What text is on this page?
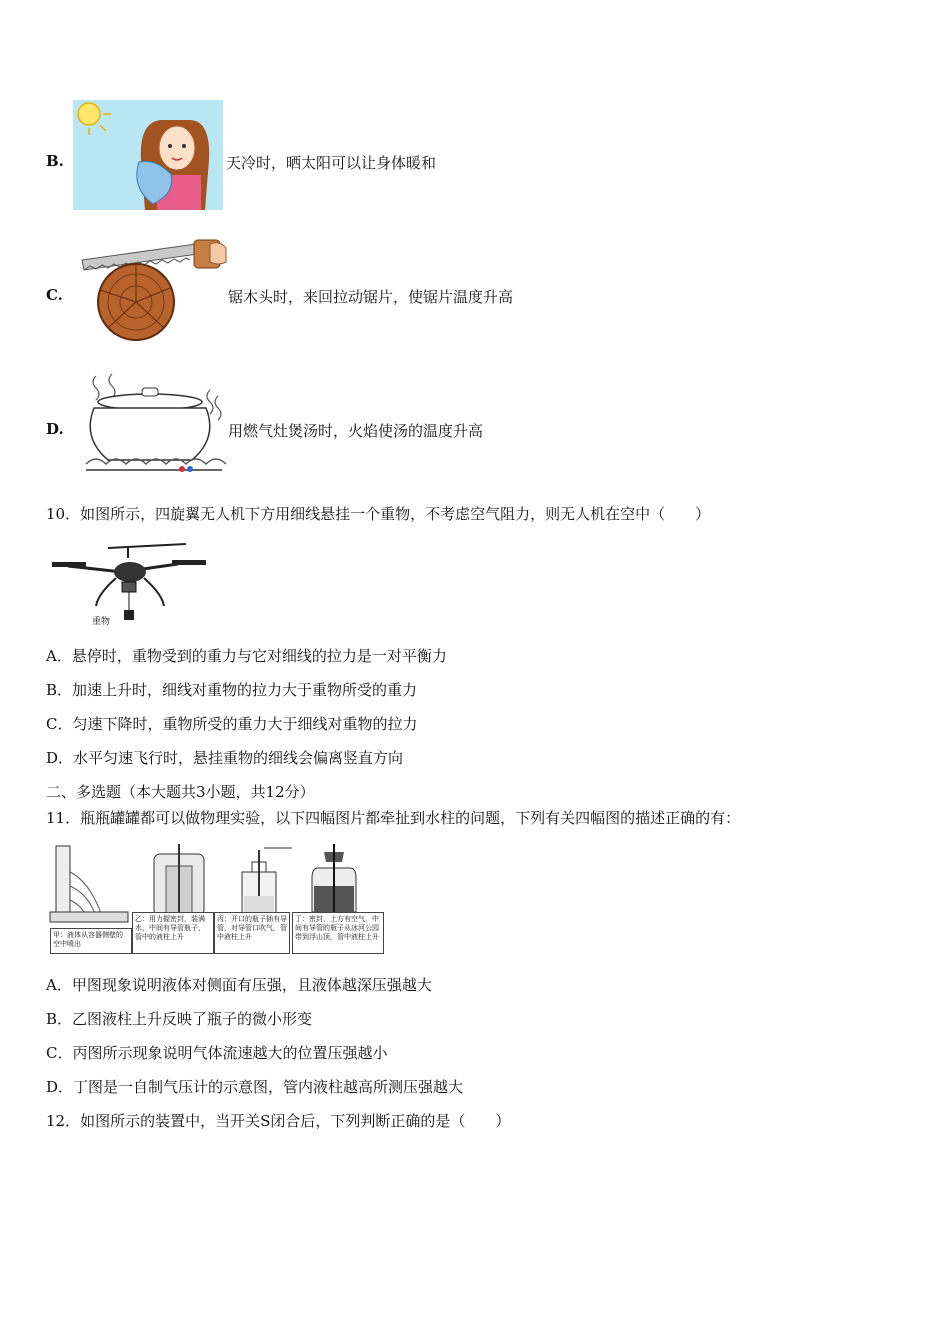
B.	天冷时，晒太阳可以让身体暖和
C.	锯木头时，来回拉动锯片，使锯片温度升高
D.	用燃气灶煲汤时，火焰使汤的温度升高
10．如图所示，四旋翼无人机下方用细线悬挂一个重物，不考虑空气阻力，则无人机在空中（　　）
重物
A．悬停时，重物受到的重力与它对细线的拉力是一对平衡力
B．加速上升时，细线对重物的拉力大于重物所受的重力
C．匀速下降时，重物所受的重力大于细线对重物的拉力
D．水平匀速飞行时，悬挂重物的细线会偏离竖直方向
二、多选题（本大题共3小题，共12分）
11．瓶瓶罐罐都可以做物理实验，以下四幅图片都牵扯到水柱的问题，下列有关四幅图的描述正确的有：
甲：液体从容器侧壁的空中喷出
乙：用力握密封，装满水，中间有导管瓶子，管中的液柱上升
丙：开口的瓶子插有导管，对导管口吹气，管中液柱上升
丁：密封，上方有空气，中间有导管的瓶子从冰河公园带到浮山顶，管中液柱上升
A．甲图现象说明液体对侧面有压强，且液体越深压强越大
B．乙图液柱上升反映了瓶子的微小形变
C．丙图所示现象说明气体流速越大的位置压强越小
D．丁图是一自制气压计的示意图，管内液柱越高所测压强越大
12．如图所示的装置中，当开关S闭合后，下列判断正确的是（　　）
